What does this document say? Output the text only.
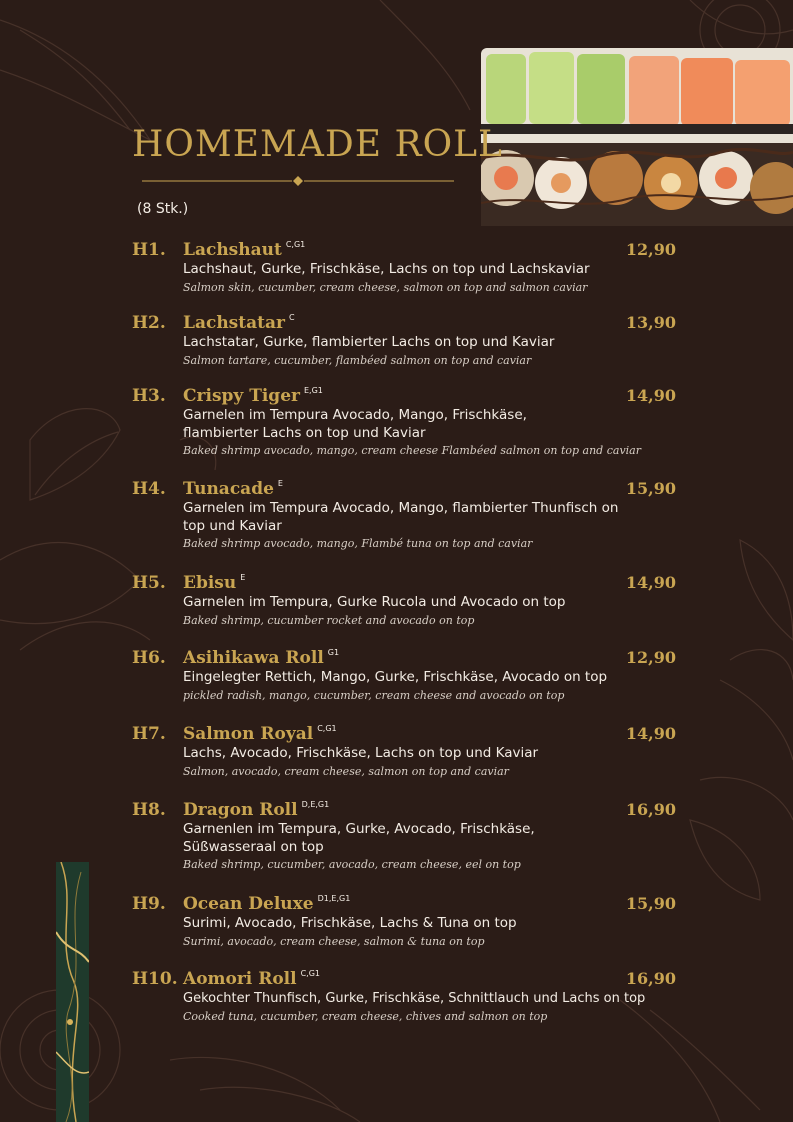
HOMEMADE ROLL
(8 Stk.)
H1. Lachshaut $^{C,G1}$	12,90
Lachshaut, Gurke, Frischkäse, Lachs on top und Lachskaviar
Salmon skin, cucumber, cream cheese, salmon on top and salmon caviar
H2. Lachstatar $^C$	13,90
Lachstatar, Gurke, flambierter Lachs on top und Kaviar
Salmon tartare, cucumber, flambéed salmon on top and caviar
H3. Crispy Tiger $^{E,G1}$	14,90
Garnelen im Tempura Avocado, Mango, Frischkäse, flambierter Lachs on top und Kaviar
Baked shrimp avocado, mango, cream cheese Flambéed salmon on top and caviar
H4. Tunacade $^E$	15,90
Garnelen im Tempura Avocado, Mango, flambierter Thunfisch on top und Kaviar
Baked shrimp avocado, mango, Flambé tuna on top and caviar
H5. Ebisu $^E$	14,90
Garnelen im Tempura, Gurke Rucola und Avocado on top
Baked shrimp, cucumber rocket and avocado on top
H6. Asihikawa Roll $^{G1}$	12,90
Eingelegter Rettich, Mango, Gurke, Frischkäse, Avocado on top
pickled radish, mango, cucumber, cream cheese and avocado on top
H7. Salmon Royal $^{C,G1}$	14,90
Lachs, Avocado, Frischkäse, Lachs on top und Kaviar
Salmon, avocado, cream cheese, salmon on top and caviar
H8. Dragon Roll $^{D,E,G1}$	16,90
Garnenlen im Tempura, Gurke, Avocado, Frischkäse, Süßwasseraal on top
Baked shrimp, cucumber, avocado, cream cheese, eel on top
H9. Ocean Deluxe $^{D1,E,G1}$	15,90
Surimi, Avocado, Frischkäse, Lachs & Tuna on top
Surimi, avocado, cream cheese, salmon & tuna on top
H10. Aomori Roll $^{C,G1}$	16,90
Gekochter Thunfisch, Gurke, Frischkäse, Schnittlauch und Lachs on top
Cooked tuna, cucumber, cream cheese, chives and salmon on top
